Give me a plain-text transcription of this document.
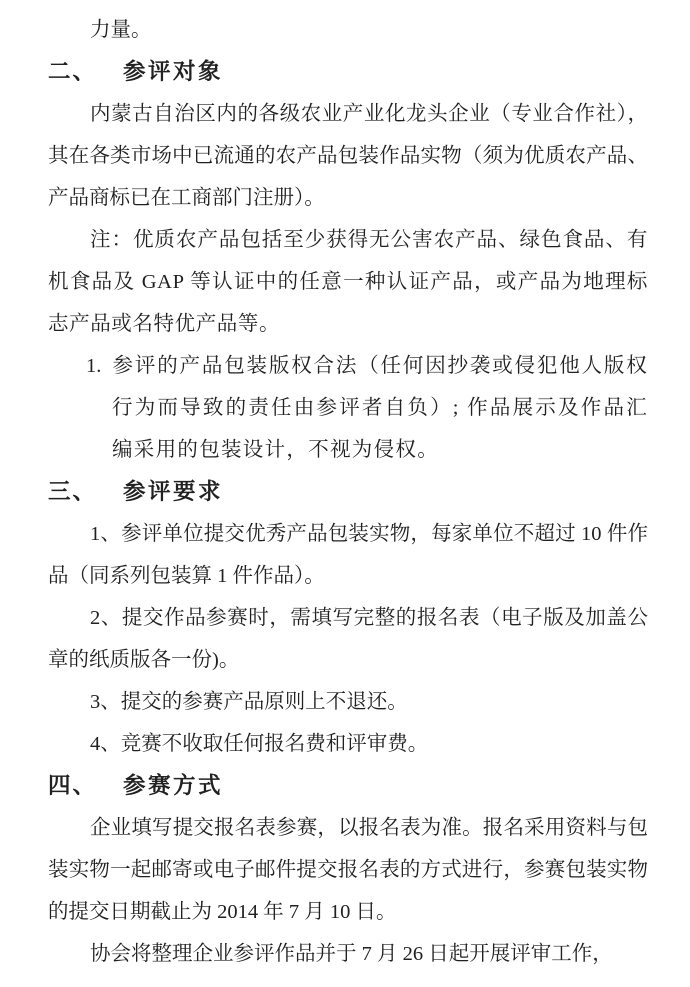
力量。
二、 参评对象
内蒙古自治区内的各级农业产业化龙头企业（专业合作社），其在各类市场中已流通的农产品包装作品实物（须为优质农产品、产品商标已在工商部门注册）。
注：优质农产品包括至少获得无公害农产品、绿色食品、有机食品及 GAP 等认证中的任意一种认证产品，或产品为地理标志产品或名特优产品等。
1. 参评的产品包装版权合法（任何因抄袭或侵犯他人版权行为而导致的责任由参评者自负）; 作品展示及作品汇编采用的包装设计，不视为侵权。
三、 参评要求
1、参评单位提交优秀产品包装实物，每家单位不超过 10 件作品（同系列包装算 1 件作品）。
2、提交作品参赛时，需填写完整的报名表（电子版及加盖公章的纸质版各一份)。
3、提交的参赛产品原则上不退还。
4、竞赛不收取任何报名费和评审费。
四、 参赛方式
企业填写提交报名表参赛，以报名表为准。报名采用资料与包装实物一起邮寄或电子邮件提交报名表的方式进行，参赛包装实物的提交日期截止为 2014 年 7 月 10 日。
协会将整理企业参评作品并于 7 月 26 日起开展评审工作，
